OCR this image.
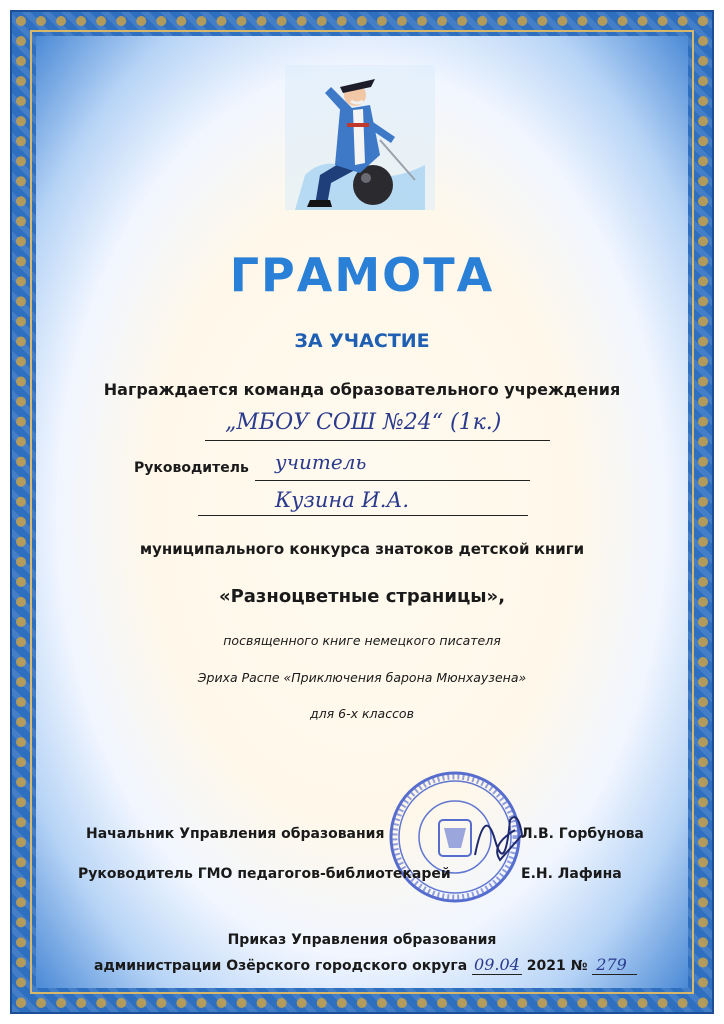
ГРАМОТА
ЗА УЧАСТИЕ
Награждается команда образовательного учреждения
„МБОУ СОШ №24“ (1к.)
Руководитель учитель
Кузина И.А.
муниципального конкурса знатоков детской книги
«Разноцветные страницы»,
посвященного книге немецкого писателя
Эриха Распе «Приключения барона Мюнхаузена»
для 6-х классов
Начальник Управления образования	Л.В. Горбунова
Руководитель ГМО педагогов-библиотекарей	Е.Н. Лафина
Приказ Управления образования
администрации Озёрского городского округа 09.04 2021 № 279
